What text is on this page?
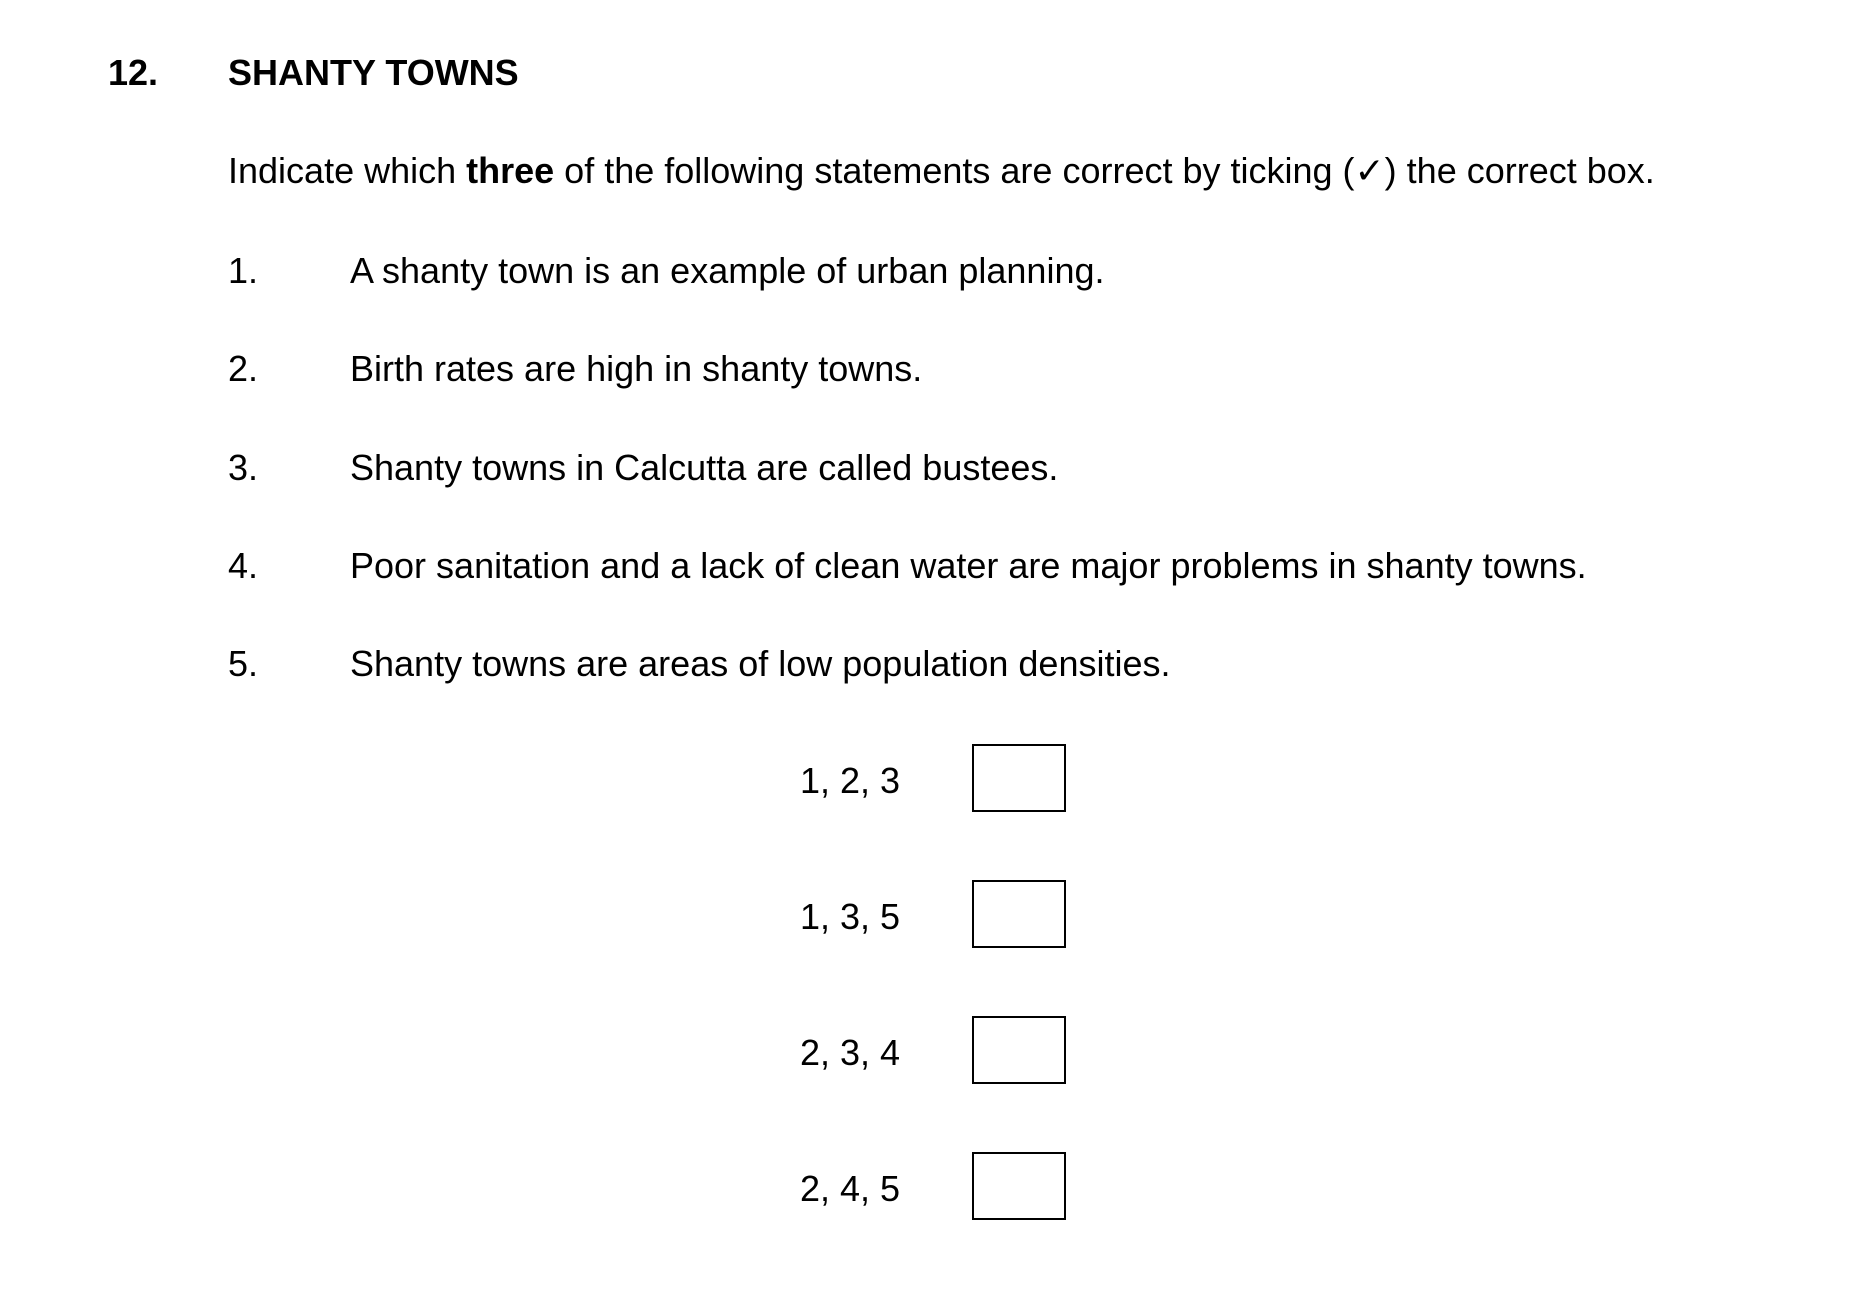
12. SHANTY TOWNS
Indicate which three of the following statements are correct by ticking (✓) the correct box.
1.	A shanty town is an example of urban planning.
2.	Birth rates are high in shanty towns.
3.	Shanty towns in Calcutta are called bustees.
4.	Poor sanitation and a lack of clean water are major problems in shanty towns.
5.	Shanty towns are areas of low population densities.
1, 2, 3
1, 3, 5
2, 3, 4
2, 4, 5
